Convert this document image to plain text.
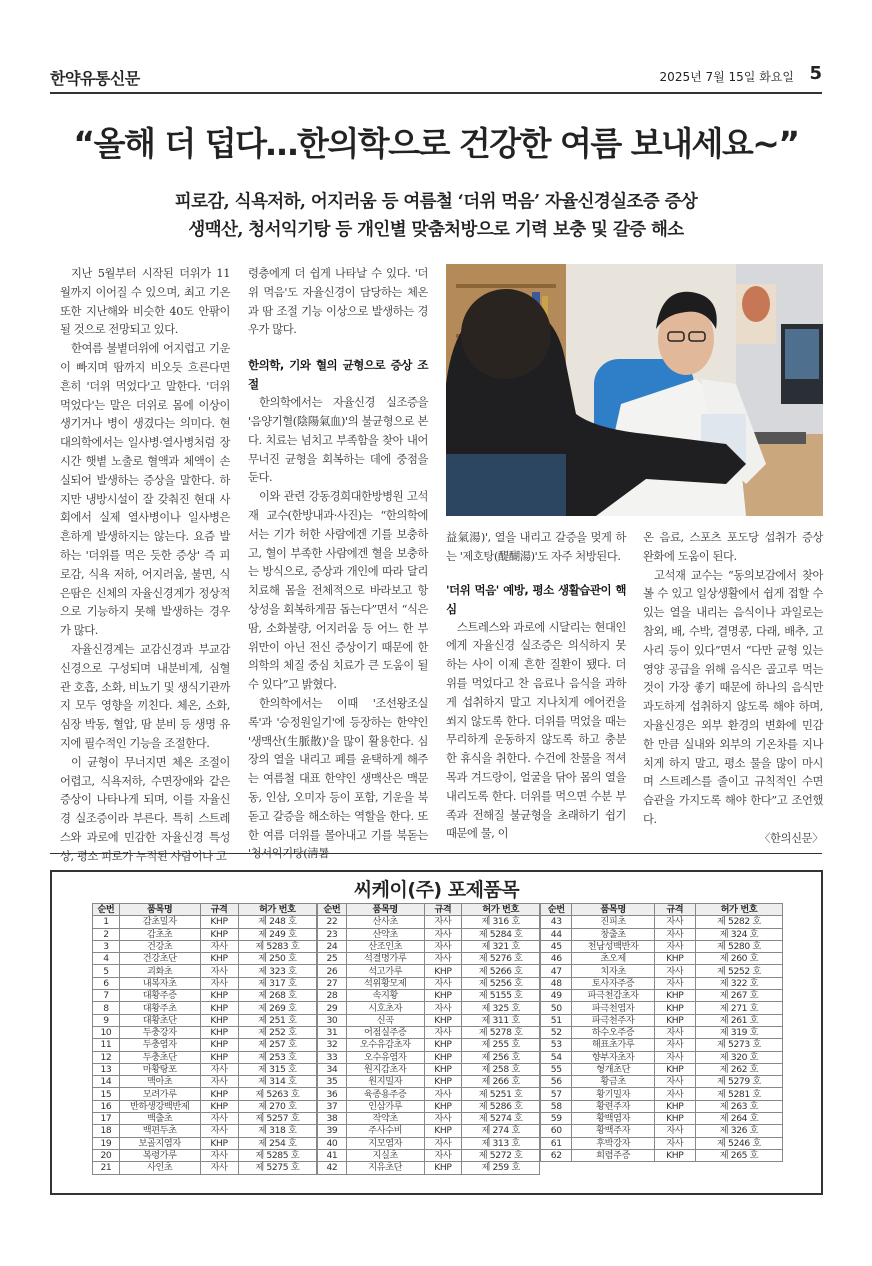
한약유통신문	2025년 7월 15일 화요일 5
“올해 더 덥다…한의학으로 건강한 여름 보내세요~”
피로감, 식욕저하, 어지러움 등 여름철 ‘더위 먹음’ 자율신경실조증 증상
생맥산, 청서익기탕 등 개인별 맞춤처방으로 기력 보충 및 갈증 해소

지난 5월부터 시작된 더위가 11월까지 이어질 수 있으며, 최고 기온 또한 지난해와 비슷한 40도 안팎이 될 것으로 전망되고 있다.

한여름 불볕더위에 어지럽고 기운이 빠지며 땀까지 비오듯 흐른다면 흔히 '더위 먹었다'고 말한다. '더위 먹었다'는 말은 더위로 몸에 이상이 생기거나 병이 생겼다는 의미다. 현대의학에서는 일사병·열사병처럼 장시간 햇볕 노출로 혈액과 체액이 손실되어 발생하는 증상을 말한다. 하지만 냉방시설이 잘 갖춰진 현대 사회에서 실제 열사병이나 일사병은 흔하게 발생하지는 않는다. 요즘 발하는 '더위를 먹은 듯한 증상' 즉 피로감, 식욕 저하, 어지러움, 불면, 식은땀은 신체의 자율신경계가 정상적으로 기능하지 못해 발생하는 경우가 많다.

자율신경계는 교감신경과 부교감신경으로 구성되며 내분비계, 심혈관 호흡, 소화, 비뇨기 및 생식기관까지 모두 영향을 끼친다. 체온, 소화, 심장 박동, 혈압, 땀 분비 등 생명 유지에 필수적인 기능을 조절한다.

이 균형이 무너지면 체온 조절이 어렵고, 식욕저하, 수면장애와 같은 증상이 나타나게 되며, 이를 자율신경 실조증이라 부른다. 특히 스트레스와 과로에 민감한 자율신경 특성상, 평소 피로가 누적된 사람이나 고

령층에게 더 쉽게 나타날 수 있다. '더위 먹음'도 자율신경이 담당하는 체온과 땀 조절 기능 이상으로 발생하는 경우가 많다.

한의학, 기와 혈의 균형으로 증상 조절

한의학에서는 자율신경 실조증을 '음양기혈(陰陽氣血)'의 불균형으로 본다. 치료는 넘치고 부족함을 찾아 내어 무너진 균형을 회복하는 데에 중점을 둔다.

이와 관련 강동경희대한방병원 고석재 교수(한방내과·사진)는 “한의학에서는 기가 허한 사람에겐 기를 보충하고, 혈이 부족한 사람에겐 혈을 보충하는 방식으로, 증상과 개인에 따라 달리 치료해 몸을 전체적으로 바라보고 항상성을 회복하게끔 돕는다”면서 “식은땀, 소화불량, 어지러움 등 어느 한 부위만이 아닌 전신 증상이기 때문에 한의학의 체질 중심 치료가 큰 도움이 될 수 있다”고 밝혔다.

한의학에서는 이때 '조선왕조실록'과 '승정원일기'에 등장하는 한약인 '생맥산(生脈散)'을 많이 활용한다. 심장의 열을 내리고 폐를 윤택하게 해주는 여름철 대표 한약인 생맥산은 맥문동, 인삼, 오미자 등이 포함, 기운을 북돋고 갈증을 해소하는 역할을 한다. 또한 여름 더위를 몰아내고 기를 북돋는 '청서익기탕(淸暑

益氣湯)', 열을 내리고 갈증을 멎게 하는 '제호탕(醍醐湯)'도 자주 처방된다.

'더위 먹음' 예방, 평소 생활습관이 핵심

스트레스와 과로에 시달리는 현대인에게 자율신경 실조증은 의식하지 못하는 사이 이제 흔한 질환이 됐다. 더위를 먹었다고 찬 음료나 음식을 과하게 섭취하지 말고 지나치게 에어컨을 쐬지 않도록 한다. 더위를 먹었을 때는 무리하게 운동하지 않도록 하고 충분한 휴식을 취한다. 수건에 찬물을 적셔 목과 겨드랑이, 얼굴을 닦아 몸의 열을 내리도록 한다. 더위를 먹으면 수분 부족과 전해질 불균형을 초래하기 쉽기 때문에 물, 이

온 음료, 스포츠 포도당 섭취가 증상 완화에 도움이 된다.

고석재 교수는 “동의보감에서 찾아볼 수 있고 일상생활에서 쉽게 접할 수 있는 열을 내리는 음식이나 과일로는 참외, 배, 수박, 결명콩, 다래, 배추, 고사리 등이 있다”면서 “다만 균형 있는 영양 공급을 위해 음식은 골고루 먹는 것이 가장 좋기 때문에 하나의 음식만 과도하게 섭취하지 않도록 해야 하며, 자율신경은 외부 환경의 변화에 민감한 만큼 실내와 외부의 기온차를 지나치게 하지 말고, 평소 물을 많이 마시며 스트레스를 줄이고 규칙적인 수면습관을 가지도록 해야 한다”고 조언했다.

〈한의신문〉

씨케이(주) 포제품목
순번	품목명	규격	허가 번호
1	감초밀자	KHP	제 248 호
2	감초초	KHP	제 249 호
3	건강초	자사	제 5283 호
4	건강초단	KHP	제 250 호
5	괴화초	자사	제 323 호
6	내복자초	자사	제 317 호
7	대황주증	KHP	제 268 호
8	대황주초	KHP	제 269 호
9	대황초단	KHP	제 251 호
10	두충강자	KHP	제 252 호
11	두충염자	KHP	제 257 호
12	두충초단	KHP	제 253 호
13	마황탕포	자사	제 315 호
14	맥아초	자사	제 314 호
15	모려가루	KHP	제 5263 호
16	반하생강백반제	KHP	제 270 호
17	백출초	자사	제 5257 호
18	백편두초	자사	제 318 호
19	보골지염자	KHP	제 254 호
20	복령가루	자사	제 5285 호
21	사인초	자사	제 5275 호
순번	품목명	규격	허가 번호
22	산사초	자사	제 316 호
23	산약초	자사	제 5284 호
24	산조인초	자사	제 321 호
25	석결명가루	자사	제 5276 호
26	석고가루	KHP	제 5266 호
27	석위황모제	자사	제 5256 호
28	속지황	KHP	제 5155 호
29	시호초자	자사	제 325 호
30	신곡	KHP	제 311 호
31	어점실주증	자사	제 5278 호
32	오수유감초자	KHP	제 255 호
33	오수유염자	KHP	제 256 호
34	원지감초자	KHP	제 258 호
35	원지밀자	KHP	제 266 호
36	육종용주증	자사	제 5251 호
37	인삼가루	KHP	제 5286 호
38	작약초	자사	제 5274 호
39	주사수비	KHP	제 274 호
40	지모염자	자사	제 313 호
41	지실초	자사	제 5272 호
42	지유초단	KHP	제 259 호
순번	품목명	규격	허가 번호
43	진피초	자사	제 5282 호
44	창출초	자사	제 324 호
45	천남성백반자	자사	제 5280 호
46	초오제	KHP	제 260 호
47	치자초	자사	제 5252 호
48	토사자주증	자사	제 322 호
49	파극천감초자	KHP	제 267 호
50	파극천염자	KHP	제 271 호
51	파극천주자	KHP	제 261 호
52	하수오주증	자사	제 319 호
53	해표초가루	자사	제 5273 호
54	향부자초자	자사	제 320 호
55	형개초단	KHP	제 262 호
56	황금초	자사	제 5279 호
57	황기밀자	자사	제 5281 호
58	황련주자	KHP	제 263 호
59	황백염자	KHP	제 264 호
60	황백주자	자사	제 326 호
61	후박강자	자사	제 5246 호
62	희렴주증	KHP	제 265 호
